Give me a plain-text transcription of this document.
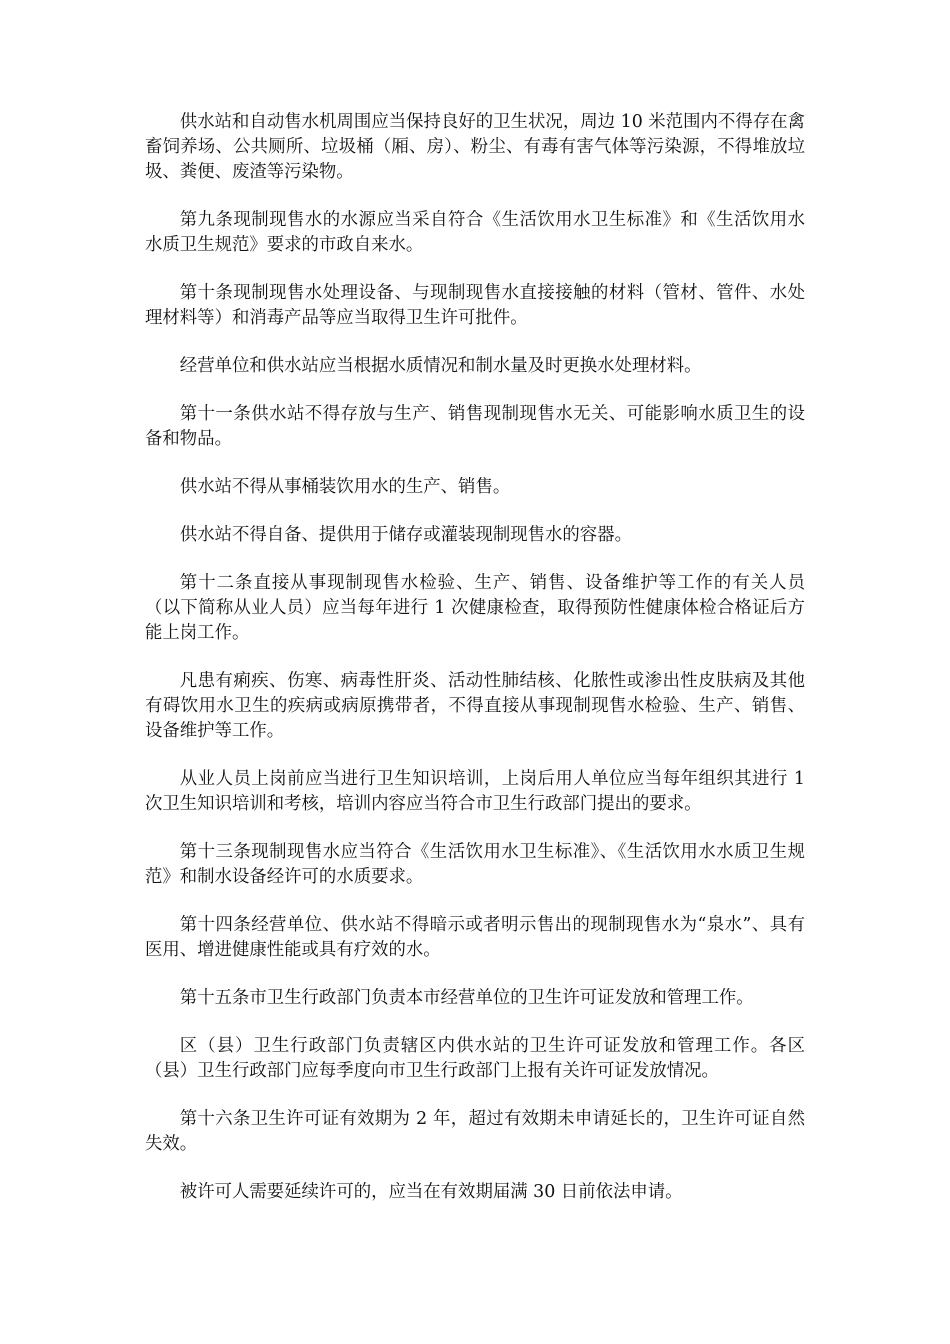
供水站和自动售水机周围应当保持良好的卫生状况，周边 10 米范围内不得存在禽畜饲养场、公共厕所、垃圾桶（厢、房）、粉尘、有毒有害气体等污染源，不得堆放垃圾、粪便、废渣等污染物。

第九条现制现售水的水源应当采自符合《生活饮用水卫生标准》和《生活饮用水水质卫生规范》要求的市政自来水。

第十条现制现售水处理设备、与现制现售水直接接触的材料（管材、管件、水处理材料等）和消毒产品等应当取得卫生许可批件。

经营单位和供水站应当根据水质情况和制水量及时更换水处理材料。

第十一条供水站不得存放与生产、销售现制现售水无关、可能影响水质卫生的设备和物品。

供水站不得从事桶装饮用水的生产、销售。

供水站不得自备、提供用于储存或灌装现制现售水的容器。

第十二条直接从事现制现售水检验、生产、销售、设备维护等工作的有关人员（以下简称从业人员）应当每年进行 1 次健康检查，取得预防性健康体检合格证后方能上岗工作。

凡患有痢疾、伤寒、病毒性肝炎、活动性肺结核、化脓性或渗出性皮肤病及其他有碍饮用水卫生的疾病或病原携带者，不得直接从事现制现售水检验、生产、销售、设备维护等工作。

从业人员上岗前应当进行卫生知识培训，上岗后用人单位应当每年组织其进行 1 次卫生知识培训和考核，培训内容应当符合市卫生行政部门提出的要求。

第十三条现制现售水应当符合《生活饮用水卫生标准》、《生活饮用水水质卫生规范》和制水设备经许可的水质要求。

第十四条经营单位、供水站不得暗示或者明示售出的现制现售水为“泉水”、具有医用、增进健康性能或具有疗效的水。

第十五条市卫生行政部门负责本市经营单位的卫生许可证发放和管理工作。

区（县）卫生行政部门负责辖区内供水站的卫生许可证发放和管理工作。各区（县）卫生行政部门应每季度向市卫生行政部门上报有关许可证发放情况。

第十六条卫生许可证有效期为 2 年，超过有效期未申请延长的，卫生许可证自然失效。

被许可人需要延续许可的，应当在有效期届满 30 日前依法申请。
